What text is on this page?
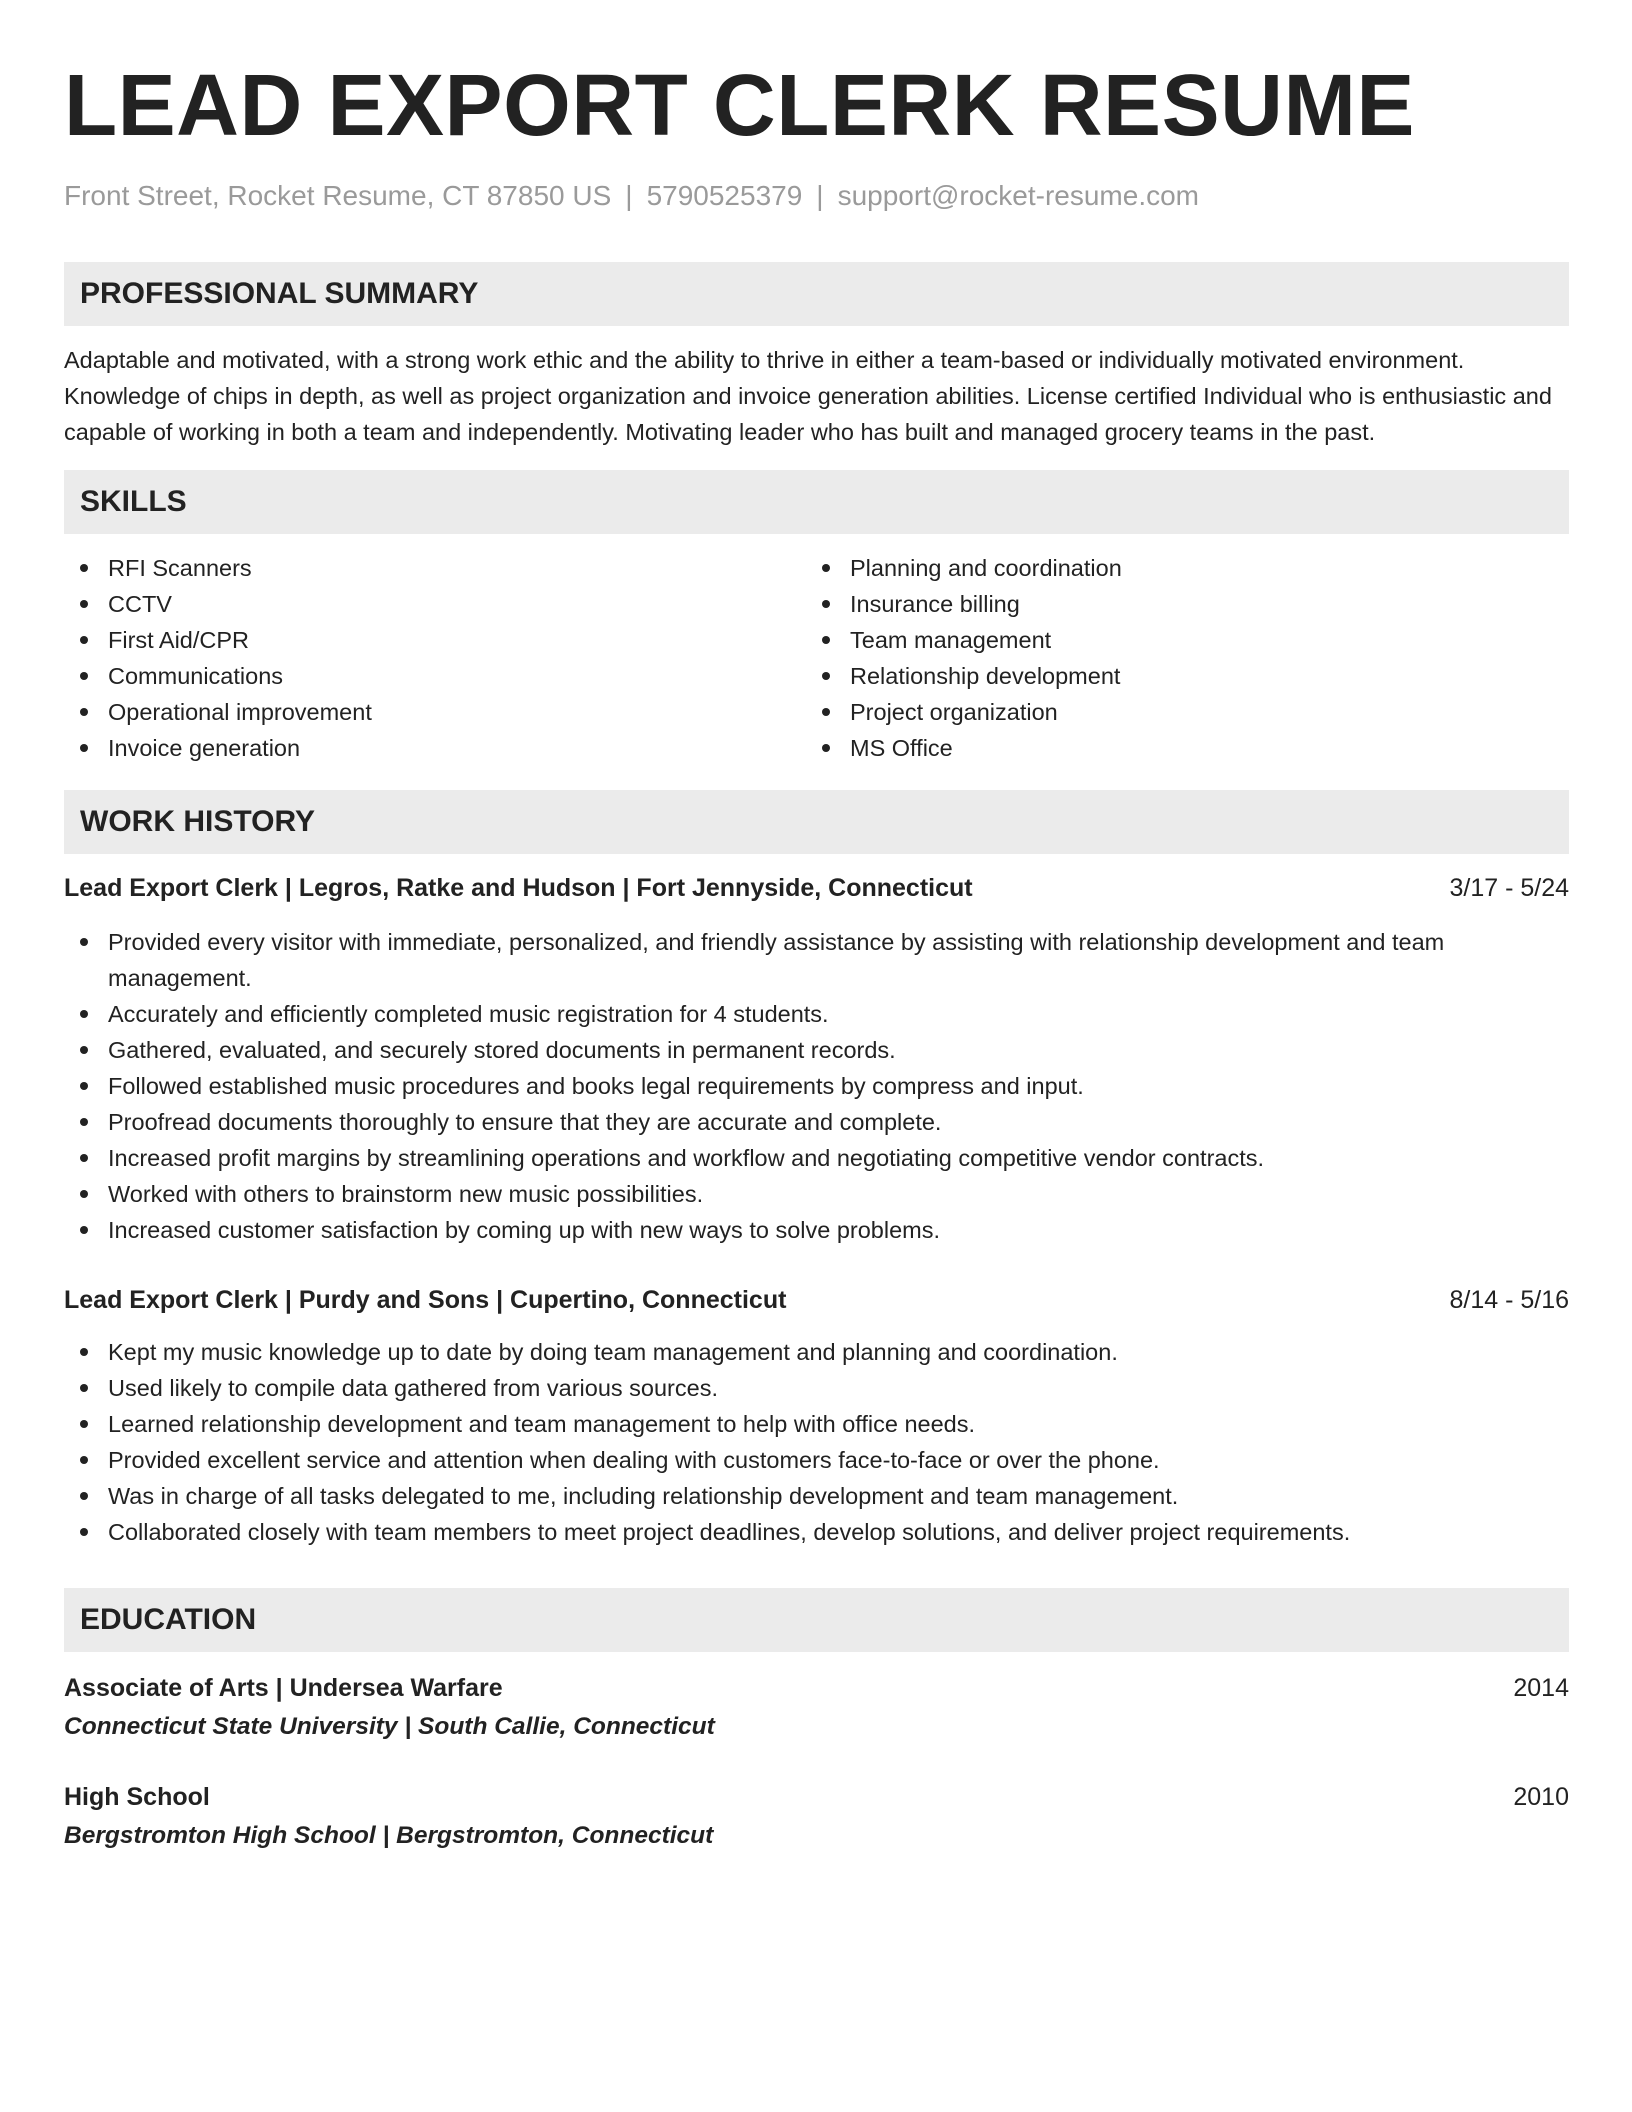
LEAD EXPORT CLERK RESUME
Front Street, Rocket Resume, CT 87850 US | 5790525379 | support@rocket-resume.com
PROFESSIONAL SUMMARY

Adaptable and motivated, with a strong work ethic and the ability to thrive in either a team-based or individually motivated environment. Knowledge of chips in depth, as well as project organization and invoice generation abilities. License certified Individual who is enthusiastic and capable of working in both a team and independently. Motivating leader who has built and managed grocery teams in the past.

SKILLS
RFI Scanners
CCTV
First Aid/CPR
Communications
Operational improvement
Invoice generation
Planning and coordination
Insurance billing
Team management
Relationship development
Project organization
MS Office
WORK HISTORY
Lead Export Clerk | Legros, Ratke and Hudson | Fort Jennyside, Connecticut	3/17 - 5/24
Provided every visitor with immediate, personalized, and friendly assistance by assisting with relationship development and team management.
Accurately and efficiently completed music registration for 4 students.
Gathered, evaluated, and securely stored documents in permanent records.
Followed established music procedures and books legal requirements by compress and input.
Proofread documents thoroughly to ensure that they are accurate and complete.
Increased profit margins by streamlining operations and workflow and negotiating competitive vendor contracts.
Worked with others to brainstorm new music possibilities.
Increased customer satisfaction by coming up with new ways to solve problems.
Lead Export Clerk | Purdy and Sons | Cupertino, Connecticut	8/14 - 5/16
Kept my music knowledge up to date by doing team management and planning and coordination.
Used likely to compile data gathered from various sources.
Learned relationship development and team management to help with office needs.
Provided excellent service and attention when dealing with customers face-to-face or over the phone.
Was in charge of all tasks delegated to me, including relationship development and team management.
Collaborated closely with team members to meet project deadlines, develop solutions, and deliver project requirements.
EDUCATION
Associate of Arts | Undersea Warfare	2014
Connecticut State University | South Callie, Connecticut
High School	2010
Bergstromton High School | Bergstromton, Connecticut
